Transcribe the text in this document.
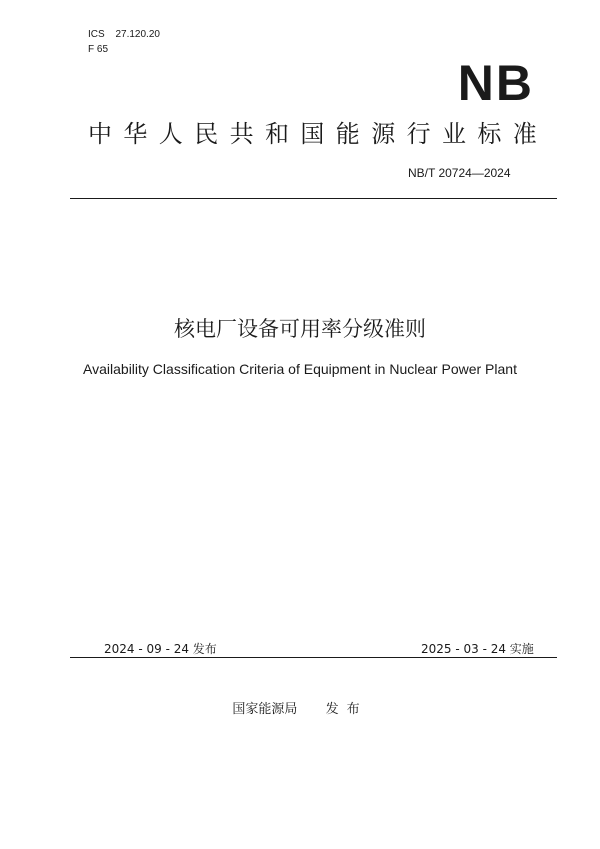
ICS 27.120.20
F 65
NB
中华人民共和国能源行业标准
NB/T 20724—2024
核电厂设备可用率分级准则
Availability Classification Criteria of Equipment in Nuclear Power Plant
2024 - 09 - 24 发布	2025 - 03 - 24 实施
国家能源局 发布
